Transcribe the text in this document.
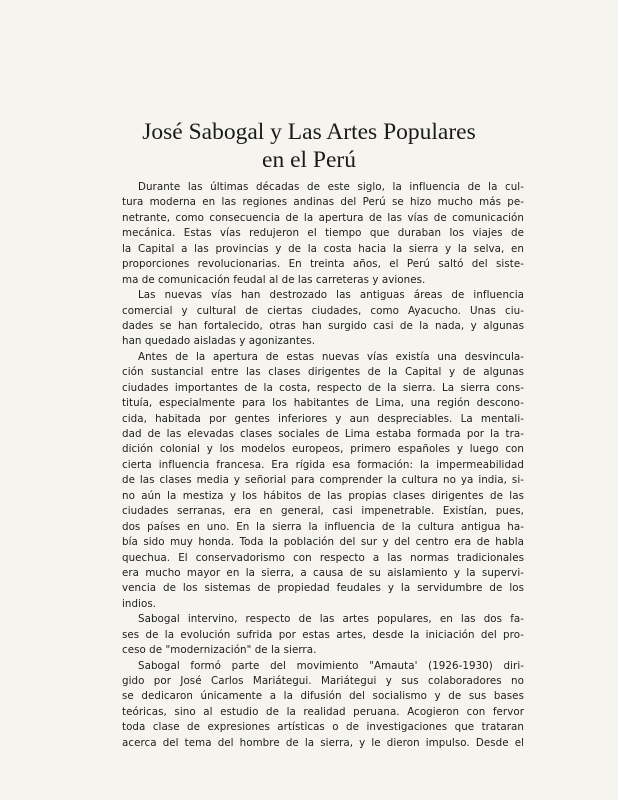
José Sabogal y Las Artes Populares
en el Perú
Durante las últimas décadas de este siglo, la influencia de la cul-
tura moderna en las regiones andinas del Perú se hizo mucho más pe-
netrante, como consecuencia de la apertura de las vías de comunicación
mecánica. Estas vías redujeron el tiempo que duraban los viajes de
la Capital a las provincias y de la costa hacia la sierra y la selva, en
proporciones revolucionarias. En treinta años, el Perú saltó del siste-
ma de comunicación feudal al de las carreteras y aviones.
Las nuevas vías han destrozado las antiguas áreas de influencia
comercial y cultural de ciertas ciudades, como Ayacucho. Unas ciu-
dades se han fortalecido, otras han surgido casi de la nada, y algunas
han quedado aisladas y agonizantes.
Antes de la apertura de estas nuevas vías existía una desvincula-
ción sustancial entre las clases dirigentes de la Capital y de algunas
ciudades importantes de la costa, respecto de la sierra. La sierra cons-
tituía, especialmente para los habitantes de Lima, una región descono-
cida, habitada por gentes inferiores y aun despreciables. La mentali-
dad de las elevadas clases sociales de Lima estaba formada por la tra-
dición colonial y los modelos europeos, primero españoles y luego con
cierta influencia francesa. Era rígida esa formación: la impermeabilidad
de las clases media y señorial para comprender la cultura no ya india, si-
no aún la mestiza y los hábitos de las propias clases dirigentes de las
ciudades serranas, era en general, casi impenetrable. Existían, pues,
dos países en uno. En la sierra la influencia de la cultura antigua ha-
bía sido muy honda. Toda la población del sur y del centro era de habla
quechua. El conservadorismo con respecto a las normas tradicionales
era mucho mayor en la sierra, a causa de su aislamiento y la supervi-
vencia de los sistemas de propiedad feudales y la servidumbre de los
indios.
Sabogal intervino, respecto de las artes populares, en las dos fa-
ses de la evolución sufrida por estas artes, desde la iniciación del pro-
ceso de "modernización" de la sierra.
Sabogal formó parte del movimiento "Amauta' (1926-1930) diri-
gido por José Carlos Mariátegui. Mariátegui y sus colaboradores no
se dedicaron únicamente a la difusión del socialismo y de sus bases
teóricas, sino al estudio de la realidad peruana. Acogieron con fervor
toda clase de expresiones artísticas o de investigaciones que trataran
acerca del tema del hombre de la sierra, y le dieron impulso. Desde el
